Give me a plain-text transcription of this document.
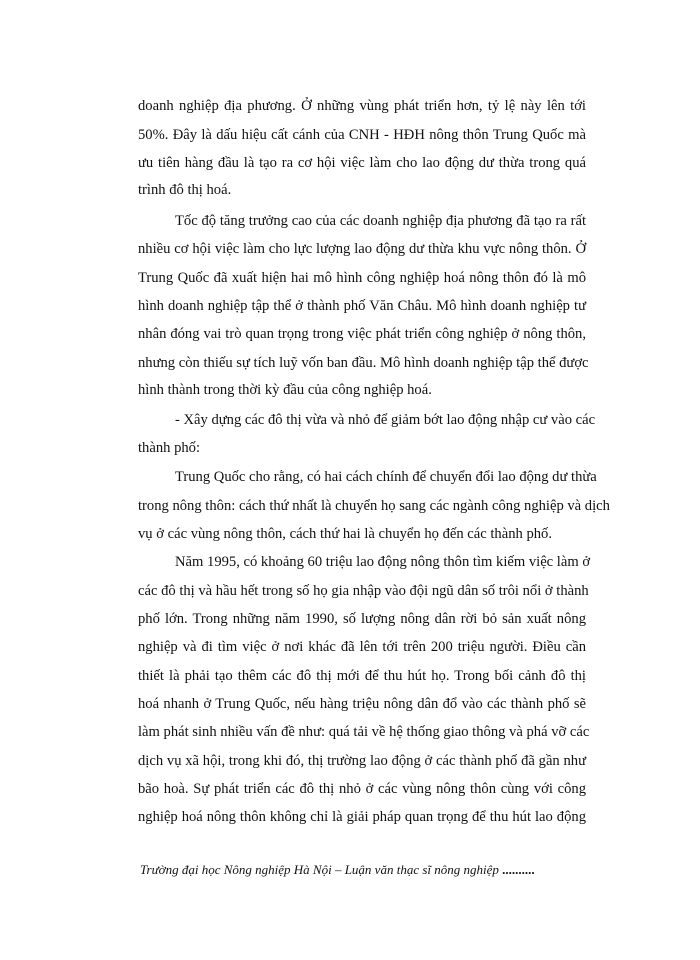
doanh nghiệp địa phương. Ở những vùng phát triển hơn, tỷ lệ này lên tới
50%. Đây là dấu hiệu cất cánh của CNH - HĐH nông thôn Trung Quốc mà
ưu tiên hàng đầu là tạo ra cơ hội việc làm cho lao động dư thừa trong quá
trình đô thị hoá.
Tốc độ tăng trưởng cao của các doanh nghiệp địa phương đã tạo ra rất
nhiều cơ hội việc làm cho lực lượng lao động dư thừa khu vực nông thôn. Ở
Trung Quốc đã xuất hiện hai mô hình công nghiệp hoá nông thôn đó là mô
hình doanh nghiệp tập thể ở thành phố Văn Châu. Mô hình doanh nghiệp tư
nhân đóng vai trò quan trọng trong việc phát triển công nghiệp ở nông thôn,
nhưng còn thiếu sự tích luỹ vốn ban đầu. Mô hình doanh nghiệp tập thể được
hình thành trong thời kỳ đầu của công nghiệp hoá.
- Xây dựng các đô thị vừa và nhỏ để giảm bớt lao động nhập cư vào các
thành phố:
Trung Quốc cho rằng, có hai cách chính để chuyển đổi lao động dư thừa
trong nông thôn: cách thứ nhất là chuyển họ sang các ngành công nghiệp và dịch
vụ ở các vùng nông thôn, cách thứ hai là chuyển họ đến các thành phố.
Năm 1995, có khoảng 60 triệu lao động nông thôn tìm kiếm việc làm ở
các đô thị và hầu hết trong số họ gia nhập vào đội ngũ dân số trôi nổi ở thành
phố lớn. Trong những năm 1990, số lượng nông dân rời bỏ sản xuất nông
nghiệp và đi tìm việc ở nơi khác đã lên tới trên 200 triệu người. Điều cần
thiết là phải tạo thêm các đô thị mới để thu hút họ. Trong bối cảnh đô thị
hoá nhanh ở Trung Quốc, nếu hàng triệu nông dân đổ vào các thành phố sẽ
làm phát sinh nhiều vấn đề như: quá tải về hệ thống giao thông và phá vỡ các
dịch vụ xã hội, trong khi đó, thị trường lao động ở các thành phố đã gần như
bão hoà. Sự phát triển các đô thị nhỏ ở các vùng nông thôn cùng với công
nghiệp hoá nông thôn không chỉ là giải pháp quan trọng để thu hút lao động
Trường đại học Nông nghiệp Hà Nội – Luận văn thạc sĩ nông nghiệp ..........
